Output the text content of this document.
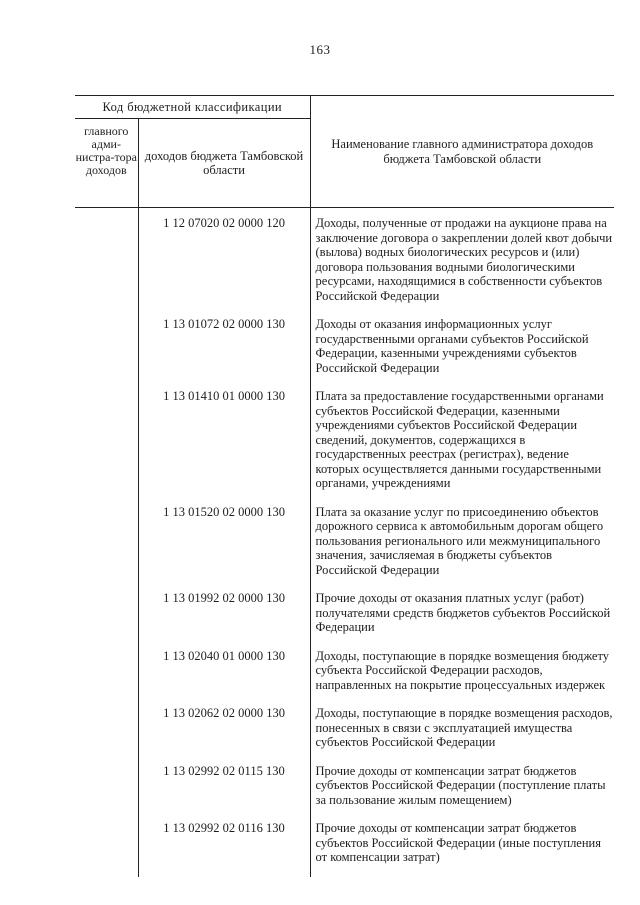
163
Код бюджетной классификации		Наименование главного администратора доходов бюджета Тамбовской области
главного адми-нистра-тора доходов	доходов бюджета Тамбовской области	
	1 12 07020 02 0000 120	Доходы, полученные от продажи на аукционе права на заключение договора о закреплении долей квот добычи (вылова) водных биологических ресурсов и (или) договора пользования водными биологическими ресурсами, находящимися в собственности субъектов Российской Федерации
	1 13 01072 02 0000 130	Доходы от оказания информационных услуг государственными органами субъектов Российской Федерации, казенными учреждениями субъектов Российской Федерации
	1 13 01410 01 0000 130	Плата за предоставление государственными органами субъектов Российской Федерации, казенными учреждениями субъектов Российской Федерации сведений, документов, содержащихся в государственных реестрах (регистрах), ведение которых осуществляется данными государственными органами, учреждениями
	1 13 01520 02 0000 130	Плата за оказание услуг по присоединению объектов дорожного сервиса к автомобильным дорогам общего пользования регионального или межмуниципального значения, зачисляемая в бюджеты субъектов Российской Федерации
	1 13 01992 02 0000 130	Прочие доходы от оказания платных услуг (работ) получателями средств бюджетов субъектов Российской Федерации
	1 13 02040 01 0000 130	Доходы, поступающие в порядке возмещения бюджету субъекта Российской Федерации расходов, направленных на покрытие процессуальных издержек
	1 13 02062 02 0000 130	Доходы, поступающие в порядке возмещения расходов, понесенных в связи с эксплуатацией имущества субъектов Российской Федерации
	1 13 02992 02 0115 130	Прочие доходы от компенсации затрат бюджетов субъектов Российской Федерации (поступление платы за пользование жилым помещением)
	1 13 02992 02 0116 130	Прочие доходы от компенсации затрат бюджетов субъектов Российской Федерации (иные поступления от компенсации затрат)
